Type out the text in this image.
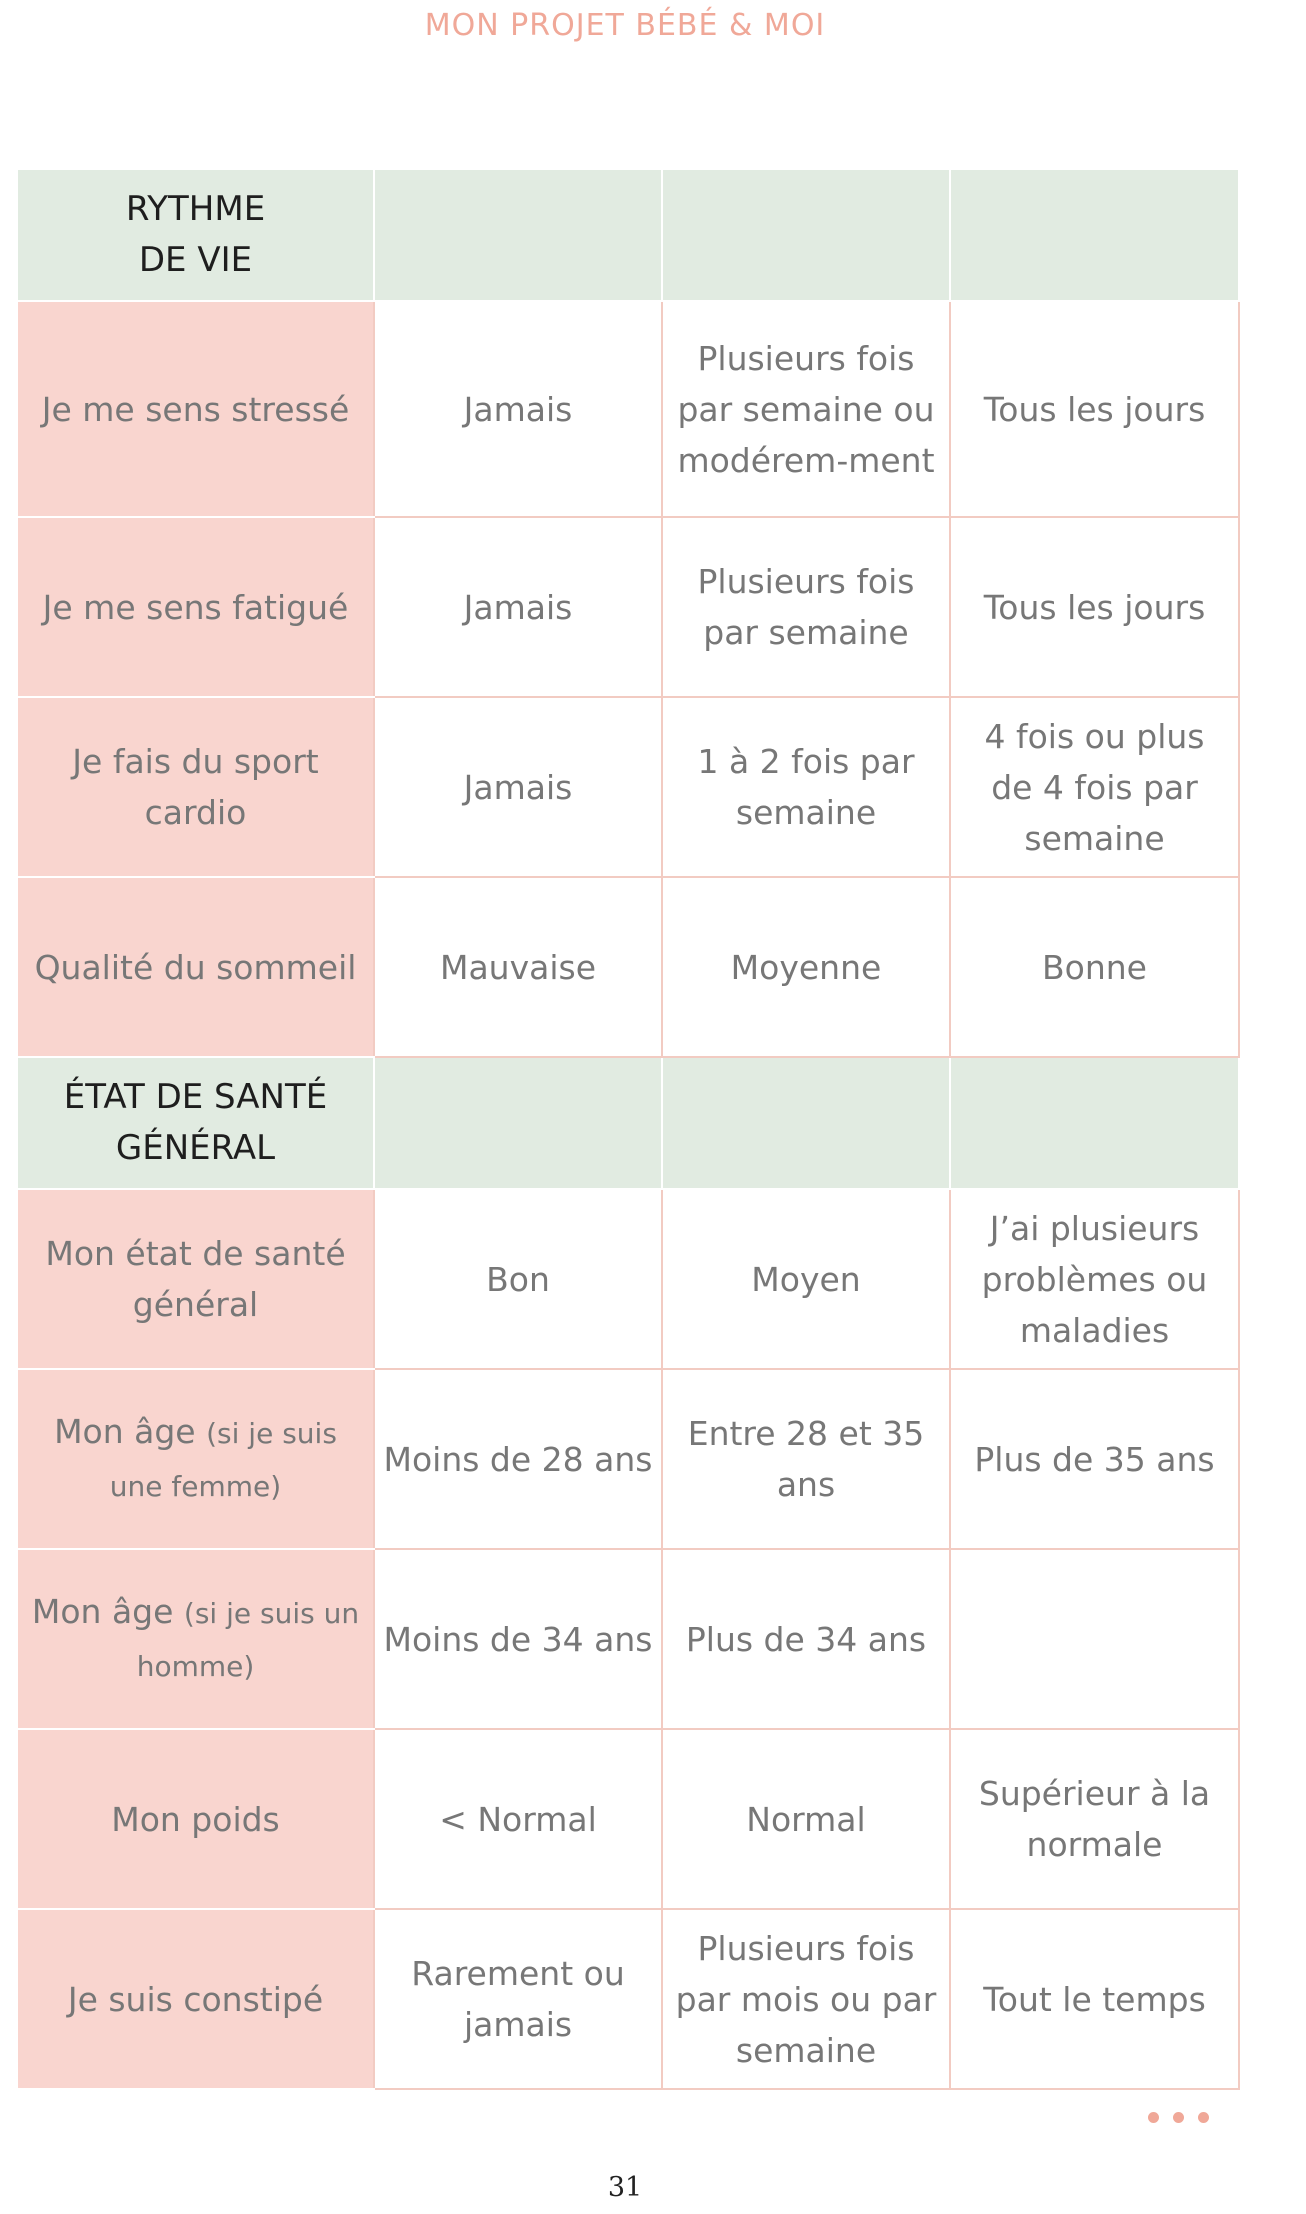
MON PROJET BÉBÉ & MOI
RYTHME
DE VIE			
Je me sens stressé	Jamais	Plusieurs fois par semaine ou modérem-ment	Tous les jours
Je me sens fatigué	Jamais	Plusieurs fois par semaine	Tous les jours
Je fais du sport cardio	Jamais	1 à 2 fois par semaine	4 fois ou plus de 4 fois par semaine
Qualité du sommeil	Mauvaise	Moyenne	Bonne
ÉTAT DE SANTÉ
GÉNÉRAL			
Mon état de santé général	Bon	Moyen	J’ai plusieurs problèmes ou maladies
Mon âge (si je suis une femme)	Moins de 28 ans	Entre 28 et 35 ans	Plus de 35 ans
Mon âge (si je suis un homme)	Moins de 34 ans	Plus de 34 ans	
Mon poids	< Normal	Normal	Supérieur à la normale
Je suis constipé	Rarement ou jamais	Plusieurs fois par mois ou par semaine	Tout le temps
31
